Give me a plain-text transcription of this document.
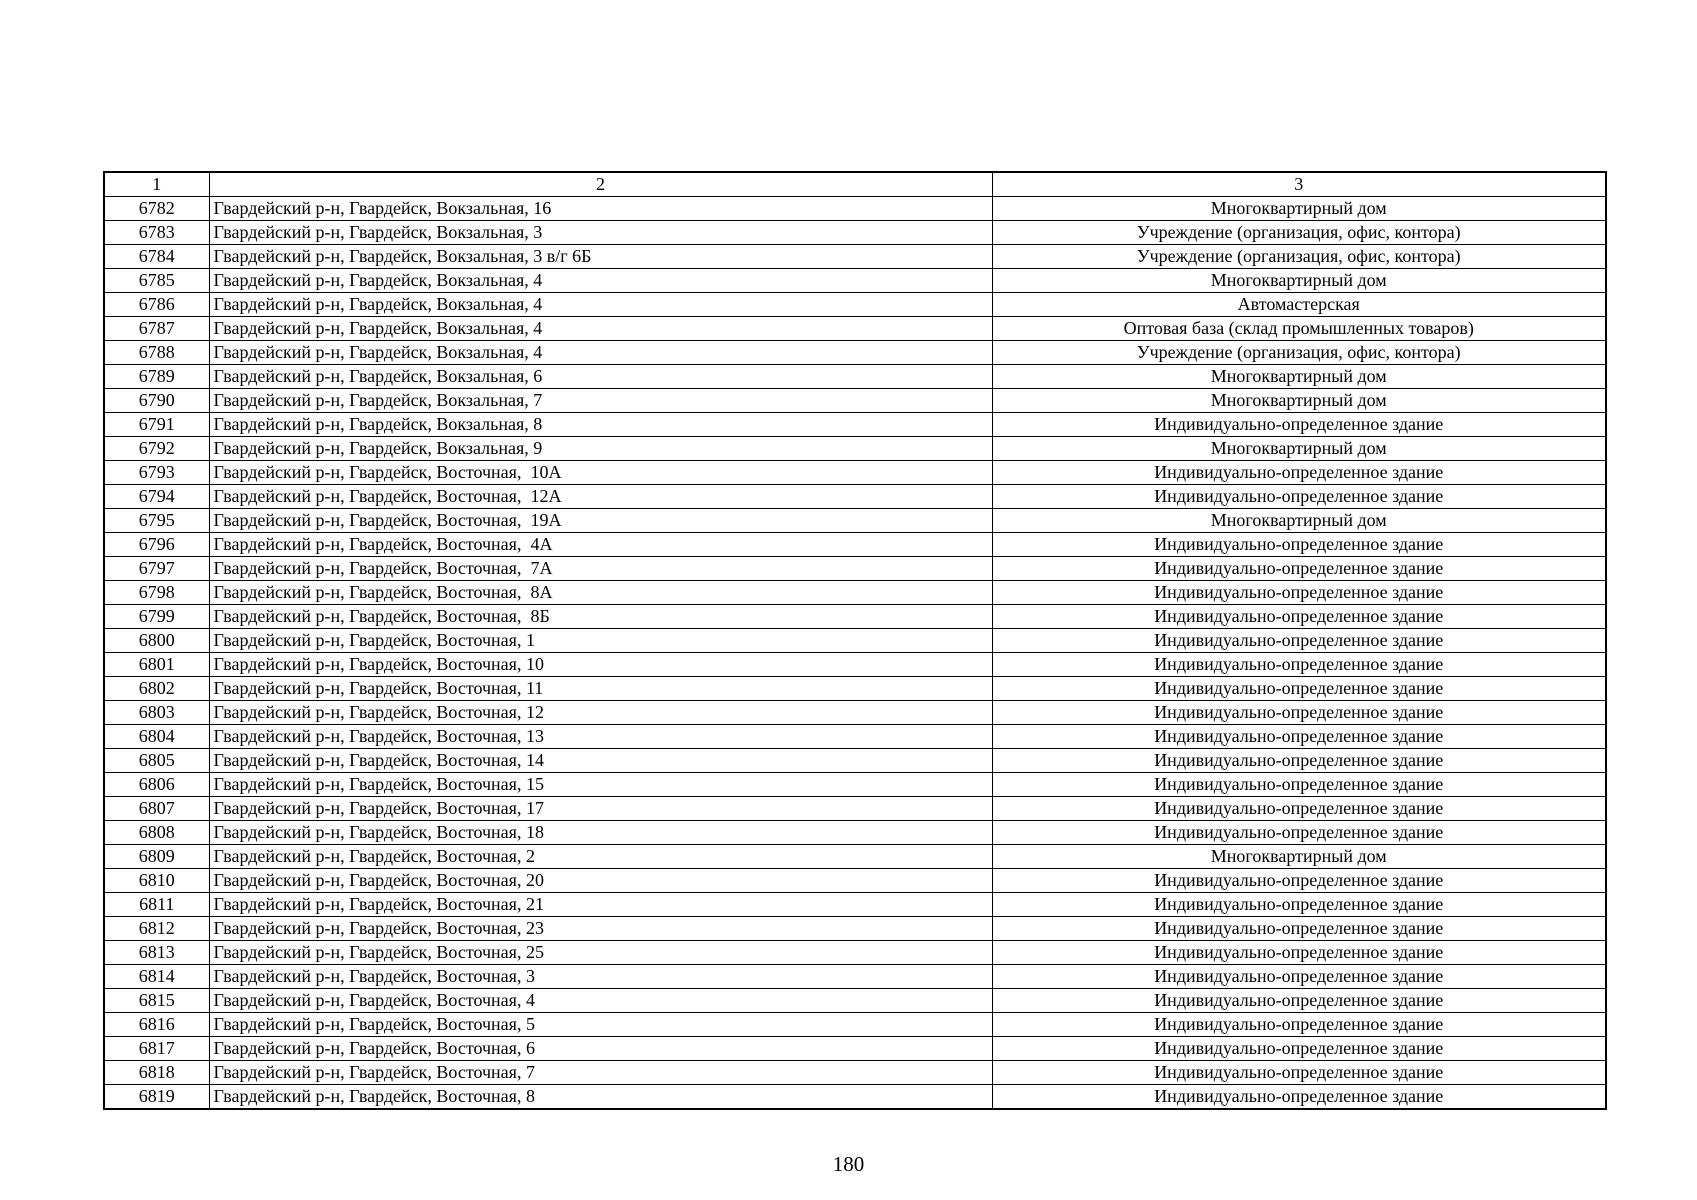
1	2	3
6782	Гвардейский р-н, Гвардейск, Вокзальная, 16	Многоквартирный дом
6783	Гвардейский р-н, Гвардейск, Вокзальная, 3	Учреждение (организация, офис, контора)
6784	Гвардейский р-н, Гвардейск, Вокзальная, 3 в/г 6Б	Учреждение (организация, офис, контора)
6785	Гвардейский р-н, Гвардейск, Вокзальная, 4	Многоквартирный дом
6786	Гвардейский р-н, Гвардейск, Вокзальная, 4	Автомастерская
6787	Гвардейский р-н, Гвардейск, Вокзальная, 4	Оптовая база (склад промышленных товаров)
6788	Гвардейский р-н, Гвардейск, Вокзальная, 4	Учреждение (организация, офис, контора)
6789	Гвардейский р-н, Гвардейск, Вокзальная, 6	Многоквартирный дом
6790	Гвардейский р-н, Гвардейск, Вокзальная, 7	Многоквартирный дом
6791	Гвардейский р-н, Гвардейск, Вокзальная, 8	Индивидуально-определенное здание
6792	Гвардейский р-н, Гвардейск, Вокзальная, 9	Многоквартирный дом
6793	Гвардейский р-н, Гвардейск, Восточная,  10А	Индивидуально-определенное здание
6794	Гвардейский р-н, Гвардейск, Восточная,  12А	Индивидуально-определенное здание
6795	Гвардейский р-н, Гвардейск, Восточная,  19А	Многоквартирный дом
6796	Гвардейский р-н, Гвардейск, Восточная,  4А	Индивидуально-определенное здание
6797	Гвардейский р-н, Гвардейск, Восточная,  7А	Индивидуально-определенное здание
6798	Гвардейский р-н, Гвардейск, Восточная,  8А	Индивидуально-определенное здание
6799	Гвардейский р-н, Гвардейск, Восточная,  8Б	Индивидуально-определенное здание
6800	Гвардейский р-н, Гвардейск, Восточная, 1	Индивидуально-определенное здание
6801	Гвардейский р-н, Гвардейск, Восточная, 10	Индивидуально-определенное здание
6802	Гвардейский р-н, Гвардейск, Восточная, 11	Индивидуально-определенное здание
6803	Гвардейский р-н, Гвардейск, Восточная, 12	Индивидуально-определенное здание
6804	Гвардейский р-н, Гвардейск, Восточная, 13	Индивидуально-определенное здание
6805	Гвардейский р-н, Гвардейск, Восточная, 14	Индивидуально-определенное здание
6806	Гвардейский р-н, Гвардейск, Восточная, 15	Индивидуально-определенное здание
6807	Гвардейский р-н, Гвардейск, Восточная, 17	Индивидуально-определенное здание
6808	Гвардейский р-н, Гвардейск, Восточная, 18	Индивидуально-определенное здание
6809	Гвардейский р-н, Гвардейск, Восточная, 2	Многоквартирный дом
6810	Гвардейский р-н, Гвардейск, Восточная, 20	Индивидуально-определенное здание
6811	Гвардейский р-н, Гвардейск, Восточная, 21	Индивидуально-определенное здание
6812	Гвардейский р-н, Гвардейск, Восточная, 23	Индивидуально-определенное здание
6813	Гвардейский р-н, Гвардейск, Восточная, 25	Индивидуально-определенное здание
6814	Гвардейский р-н, Гвардейск, Восточная, 3	Индивидуально-определенное здание
6815	Гвардейский р-н, Гвардейск, Восточная, 4	Индивидуально-определенное здание
6816	Гвардейский р-н, Гвардейск, Восточная, 5	Индивидуально-определенное здание
6817	Гвардейский р-н, Гвардейск, Восточная, 6	Индивидуально-определенное здание
6818	Гвардейский р-н, Гвардейск, Восточная, 7	Индивидуально-определенное здание
6819	Гвардейский р-н, Гвардейск, Восточная, 8	Индивидуально-определенное здание
180
